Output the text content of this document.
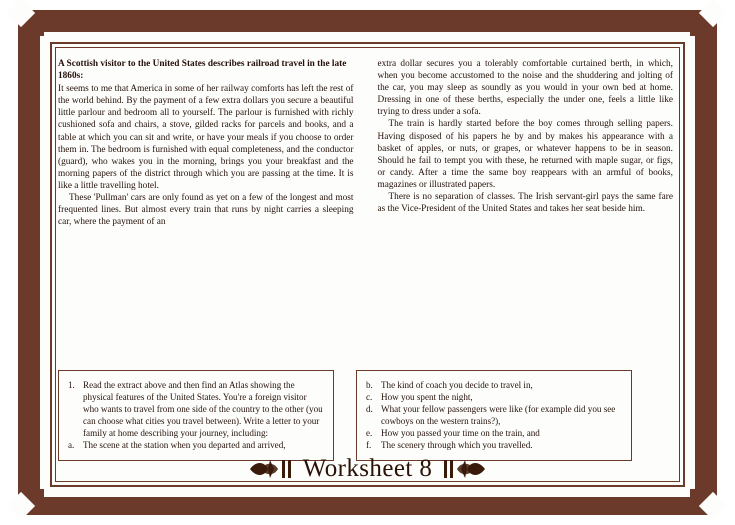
A Scottish visitor to the United States describes railroad travel in the late 1860s:

It seems to me that America in some of her railway comforts has left the rest of the world behind. By the payment of a few extra dollars you secure a beautiful little parlour and bedroom all to yourself. The parlour is furnished with richly cushioned sofa and chairs, a stove, gilded racks for parcels and books, and a table at which you can sit and write, or have your meals if you choose to order them in. The bedroom is furnished with equal completeness, and the conductor (guard), who wakes you in the morning, brings you your breakfast and the morning papers of the district through which you are passing at the time. It is like a little travelling hotel.

These 'Pullman' cars are only found as yet on a few of the longest and most frequented lines. But almost every train that runs by night carries a sleeping car, where the payment of an

extra dollar secures you a tolerably comfortable curtained berth, in which, when you become accustomed to the noise and the shuddering and jolting of the car, you may sleep as soundly as you would in your own bed at home. Dressing in one of these berths, especially the under one, feels a little like trying to dress under a sofa.

The train is hardly started before the boy comes through selling papers. Having disposed of his papers he by and by makes his appearance with a basket of apples, or nuts, or grapes, or whatever happens to be in season. Should he fail to tempt you with these, he returned with maple sugar, or figs, or candy. After a time the same boy reappears with an armful of books, magazines or illustrated papers.

There is no separation of classes. The Irish servant-girl pays the same fare as the Vice-President of the United States and takes her seat beside him.

1. Read the extract above and then find an Atlas showing the physical features of the United States. You're a foreign visitor who wants to travel from one side of the country to the other (you can choose what cities you travel between). Write a letter to your family at home describing your journey, including:
a. The scene at the station when you departed and arrived,
b. The kind of coach you decide to travel in,
c. How you spent the night,
d. What your fellow passengers were like (for example did you see cowboys on the western trains?),
e. How you passed your time on the train, and
f.	The scenery through which you travelled.
Worksheet 8
